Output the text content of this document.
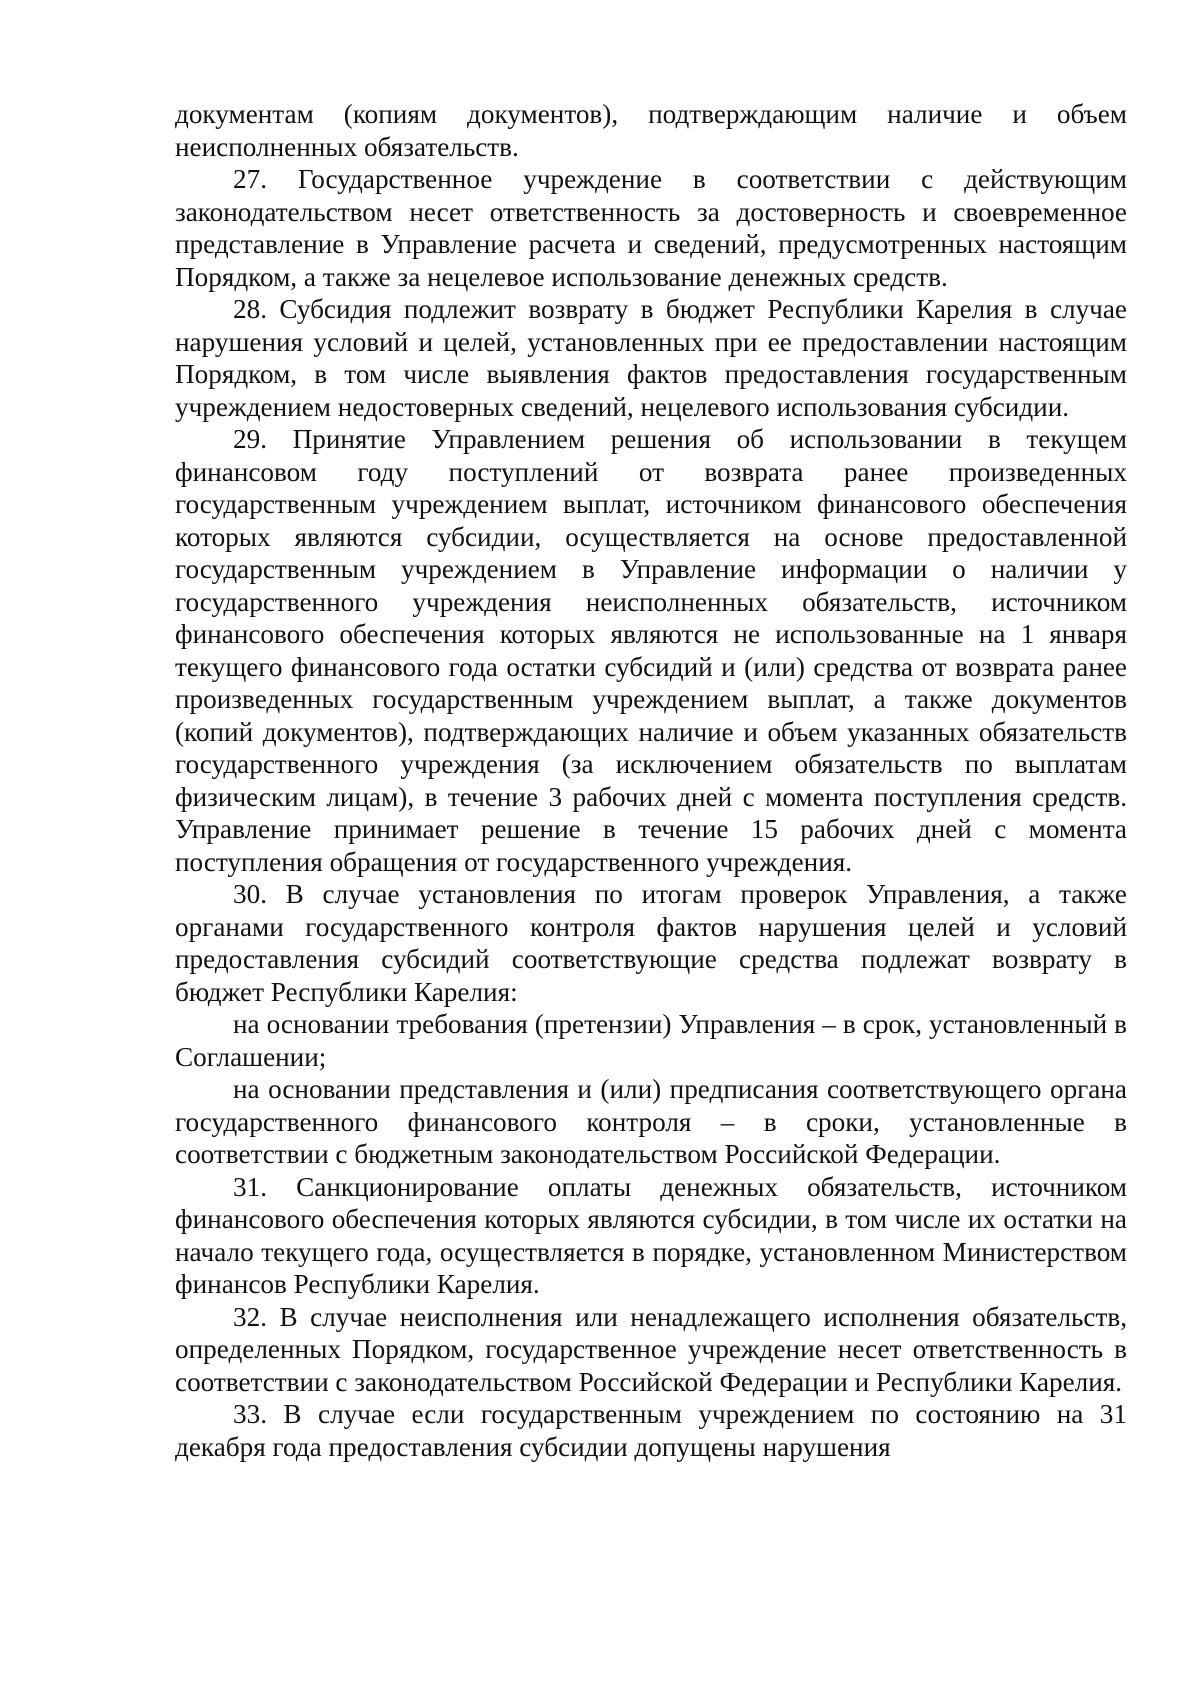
документам (копиям документов), подтверждающим наличие и объем неисполненных обязательств.

27. Государственное учреждение в соответствии с действующим законодательством несет ответственность за достоверность и своевременное представление в Управление расчета и сведений, предусмотренных настоящим Порядком, а также за нецелевое использование денежных средств.

28. Субсидия подлежит возврату в бюджет Республики Карелия в случае нарушения условий и целей, установленных при ее предоставлении настоящим Порядком, в том числе выявления фактов предоставления государственным учреждением недостоверных сведений, нецелевого использования субсидии.

29. Принятие Управлением решения об использовании в текущем финансовом году поступлений от возврата ранее произведенных государственным учреждением выплат, источником финансового обеспечения которых являются субсидии, осуществляется на основе предоставленной государственным учреждением в Управление информации о наличии у государственного учреждения неисполненных обязательств, источником финансового обеспечения которых являются не использованные на 1 января текущего финансового года остатки субсидий и (или) средства от возврата ранее произведенных государственным учреждением выплат, а также документов (копий документов), подтверждающих наличие и объем указанных обязательств государственного учреждения (за исключением обязательств по выплатам физическим лицам), в течение 3 рабочих дней с момента поступления средств. Управление принимает решение в течение 15 рабочих дней с момента поступления обращения от государственного учреждения.

30. В случае установления по итогам проверок Управления, а также органами государственного контроля фактов нарушения целей и условий предоставления субсидий соответствующие средства подлежат возврату в бюджет Республики Карелия:

на основании требования (претензии) Управления – в срок, установленный в Соглашении;

на основании представления и (или) предписания соответствующего органа государственного финансового контроля – в сроки, установленные в соответствии с бюджетным законодательством Российской Федерации.

31. Санкционирование оплаты денежных обязательств, источником финансового обеспечения которых являются субсидии, в том числе их остатки на начало текущего года, осуществляется в порядке, установленном Министерством финансов Республики Карелия.

32. В случае неисполнения или ненадлежащего исполнения обязательств, определенных Порядком, государственное учреждение несет ответственность в соответствии с законодательством Российской Федерации и Республики Карелия.

33. В случае если государственным учреждением по состоянию на 31 декабря года предоставления субсидии допущены нарушения
